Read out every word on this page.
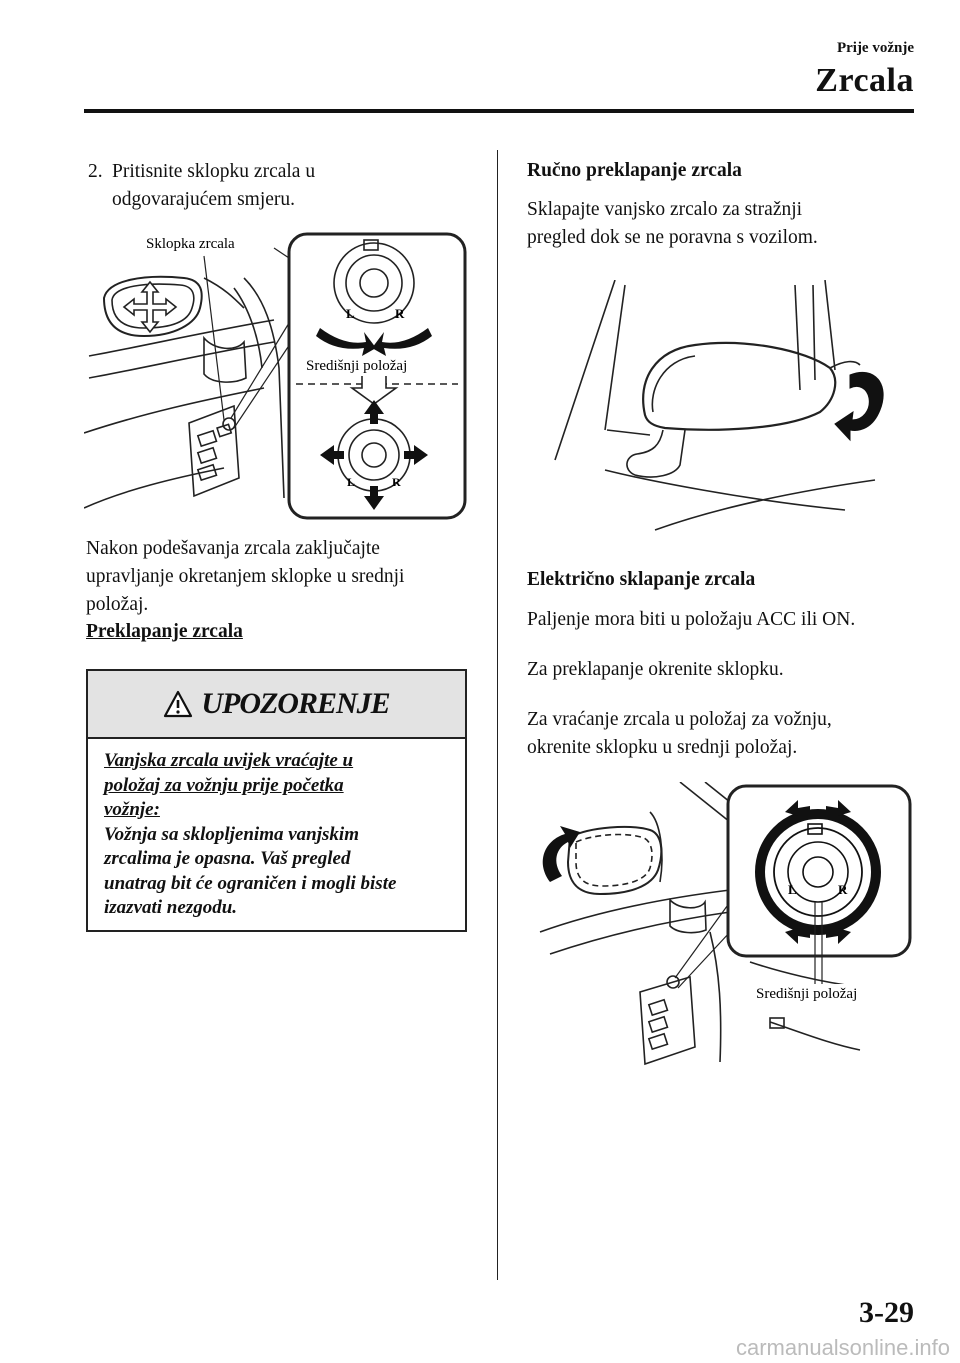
Prije vožnje
Zrcala
2. Pritisnite sklopku zrcala u
odgovarajućem smjeru.
L	R
L	R
Sklopka zrcala
Središnji položaj
Nakon podešavanja zrcala zaključajte
upravljanje okretanjem sklopke u srednji
položaj.
Preklapanje zrcala
UPOZORENJE
Vanjska zrcala uvijek vraćajte u
položaj za vožnju prije početka
vožnje:
Vožnja sa sklopljenima vanjskim
zrcalima je opasna. Vaš pregled
unatrag bit će ograničen i mogli biste
izazvati nezgodu.
Ručno preklapanje zrcala
Sklapajte vanjsko zrcalo za stražnji
pregled dok se ne poravna s vozilom.
Električno sklapanje zrcala
Paljenje mora biti u položaju ACC ili ON.
Za preklapanje okrenite sklopku.
Za vraćanje zrcala u položaj za vožnju,
okrenite sklopku u srednji položaj.
L	R
Središnji položaj
3-29
carmanualsonline.info
